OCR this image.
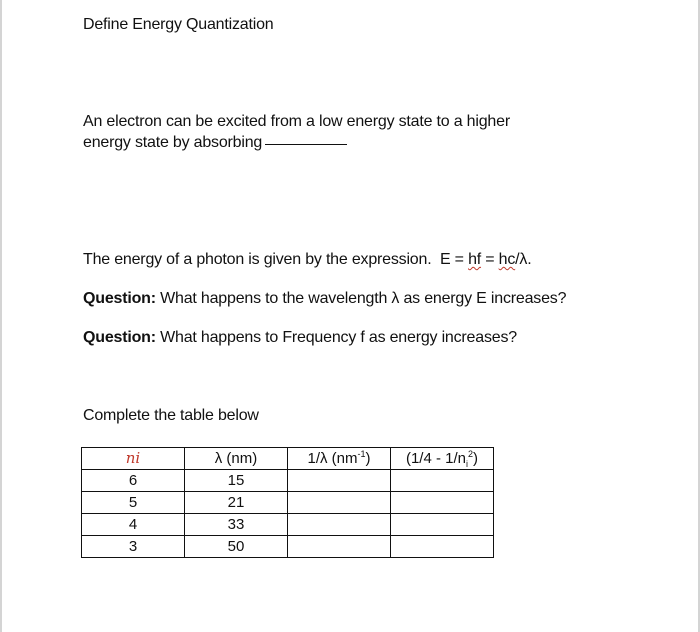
Define Energy Quantization
An electron can be excited from a low energy state to a higher
energy state by absorbing
The energy of a photon is given by the expression. E = hf = hc/λ.
Question: What happens to the wavelength λ as energy E increases?
Question: What happens to Frequency f as energy increases?
Complete the table below
ni	λ (nm)	1/λ $(nm^{-1})$	$(1/4 - 1/n_i^2)$
6	15		
5	21		
4	33		
3	50		
